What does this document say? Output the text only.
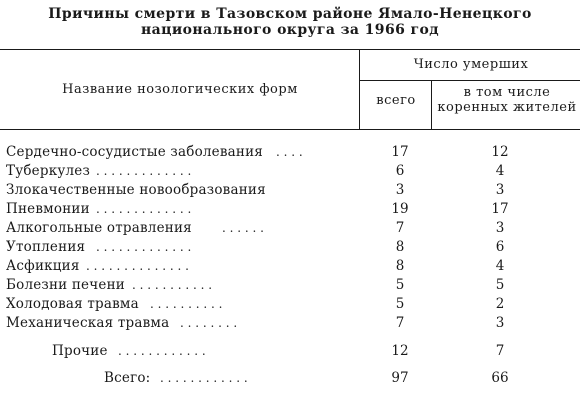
Причины смерти в Тазовском районе Ямало-Ненецкого
национального округа за 1966 год
Название нозологических форм
Число умерших
всего
в том числе
коренных жителей
Сердечно-сосудистые заболевания . . . .	17	12
Туберкулез . . . . . . . . . . . . .	6	4
Злокачественные новообразования	3	3
Пневмонии . . . . . . . . . . . . .	19	17
Алкогольные отравления	. . . . . .	7	3
Утопления . . . . . . . . . . . . .	8	6
Асфикция . . . . . . . . . . . . . .	8	4
Болезни печени . . . . . . . . . . .	5	5
Холодовая травма . . . . . . . . . .	5	2
Механическая травма . . . . . . . .	7	3
Прочие . . . . . . . . . . . .	12	7
Всего: . . . . . . . . . . . .	97	66
